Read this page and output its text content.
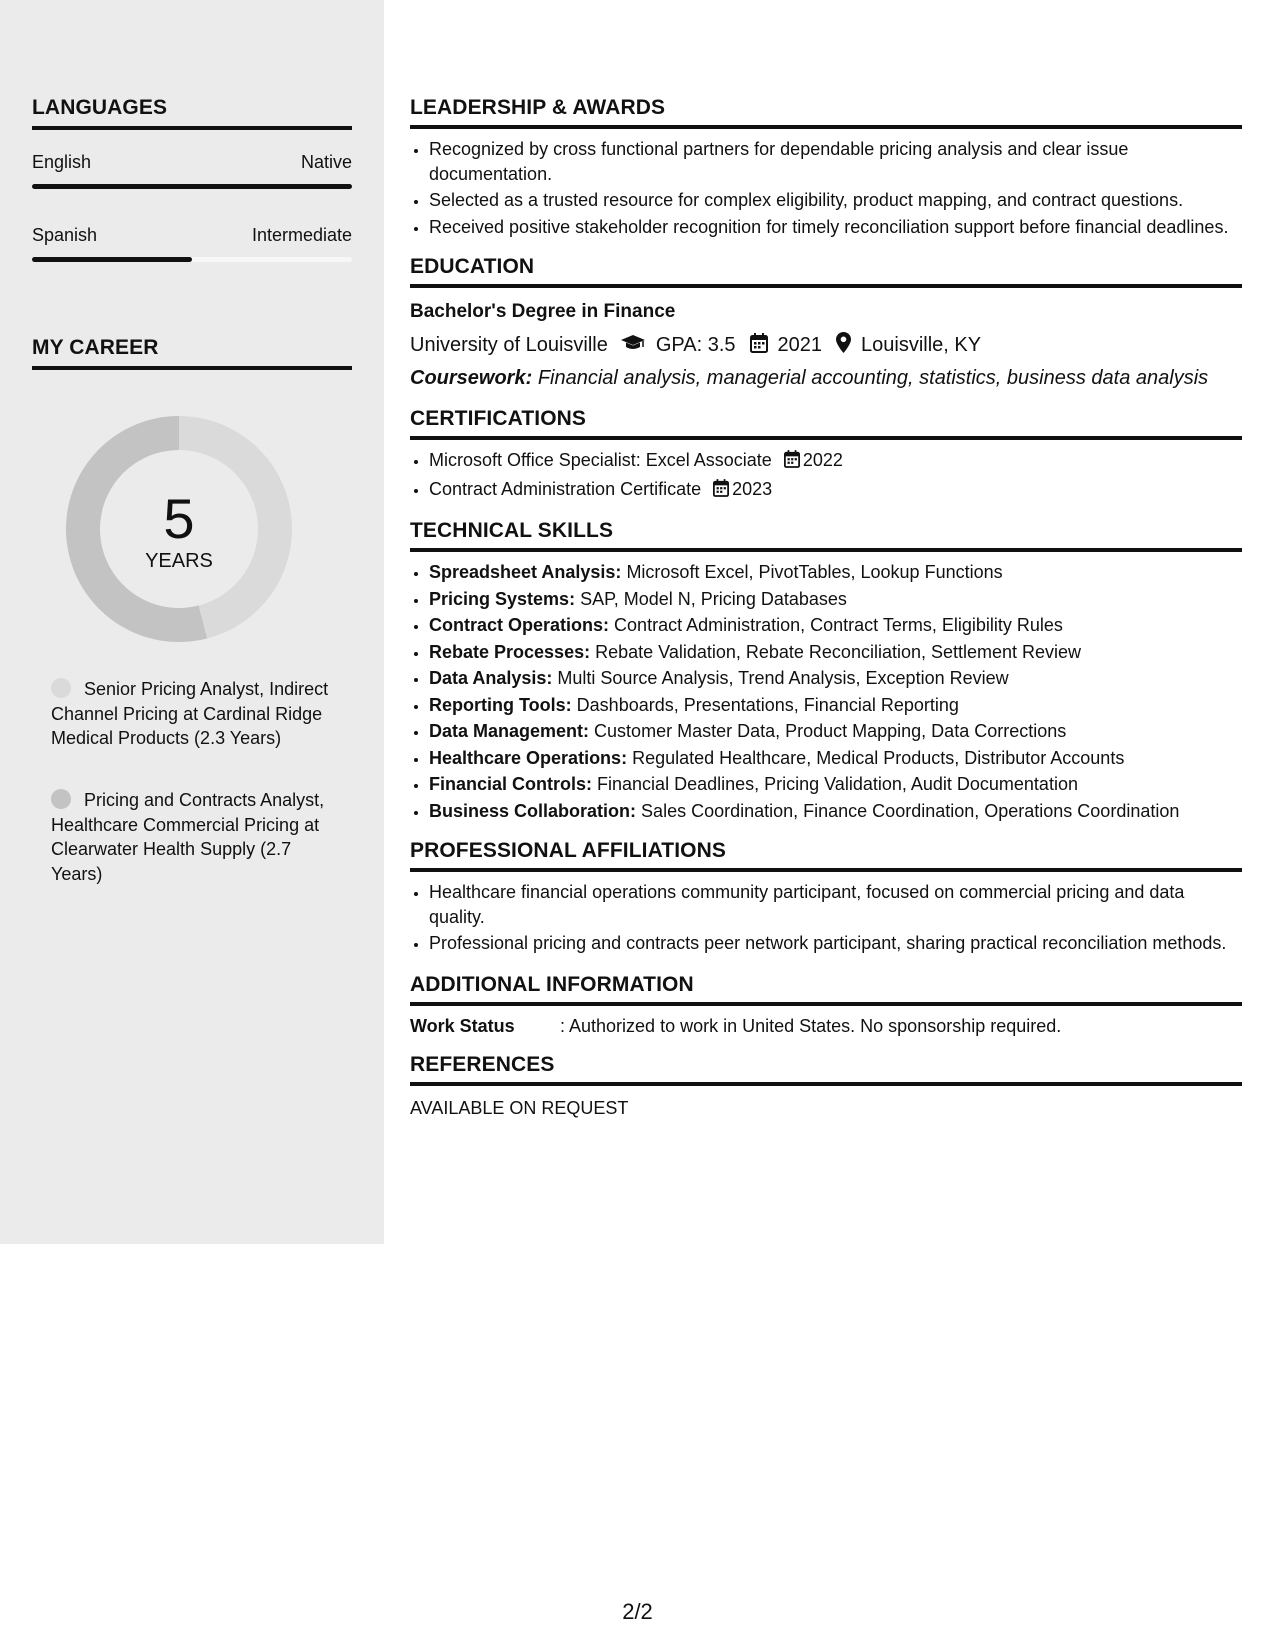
LANGUAGES
English	Native
Spanish	Intermediate
MY CAREER
5
YEARS
Senior Pricing Analyst, Indirect Channel Pricing at Cardinal Ridge Medical Products (2.3 Years)
Pricing and Contracts Analyst, Healthcare Commercial Pricing at Clearwater Health Supply (2.7 Years)
LEADERSHIP & AWARDS
• Recognized by cross functional partners for dependable pricing analysis and clear issue documentation.
• Selected as a trusted resource for complex eligibility, product mapping, and contract questions.
• Received positive stakeholder recognition for timely reconciliation support before financial deadlines.
EDUCATION
Bachelor's Degree in Finance
University of Louisville GPA: 3.5 2021 Louisville, KY
Coursework: Financial analysis, managerial accounting, statistics, business data analysis
CERTIFICATIONS
• Microsoft Office Specialist: Excel Associate 2022
• Contract Administration Certificate 2023
TECHNICAL SKILLS
• Spreadsheet Analysis: Microsoft Excel, PivotTables, Lookup Functions
• Pricing Systems: SAP, Model N, Pricing Databases
• Contract Operations: Contract Administration, Contract Terms, Eligibility Rules
• Rebate Processes: Rebate Validation, Rebate Reconciliation, Settlement Review
• Data Analysis: Multi Source Analysis, Trend Analysis, Exception Review
• Reporting Tools: Dashboards, Presentations, Financial Reporting
• Data Management: Customer Master Data, Product Mapping, Data Corrections
• Healthcare Operations: Regulated Healthcare, Medical Products, Distributor Accounts
• Financial Controls: Financial Deadlines, Pricing Validation, Audit Documentation
• Business Collaboration: Sales Coordination, Finance Coordination, Operations Coordination
PROFESSIONAL AFFILIATIONS
• Healthcare financial operations community participant, focused on commercial pricing and data quality.
• Professional pricing and contracts peer network participant, sharing practical reconciliation methods.
ADDITIONAL INFORMATION
Work Status	: Authorized to work in United States. No sponsorship required.
REFERENCES
AVAILABLE ON REQUEST
2/2
